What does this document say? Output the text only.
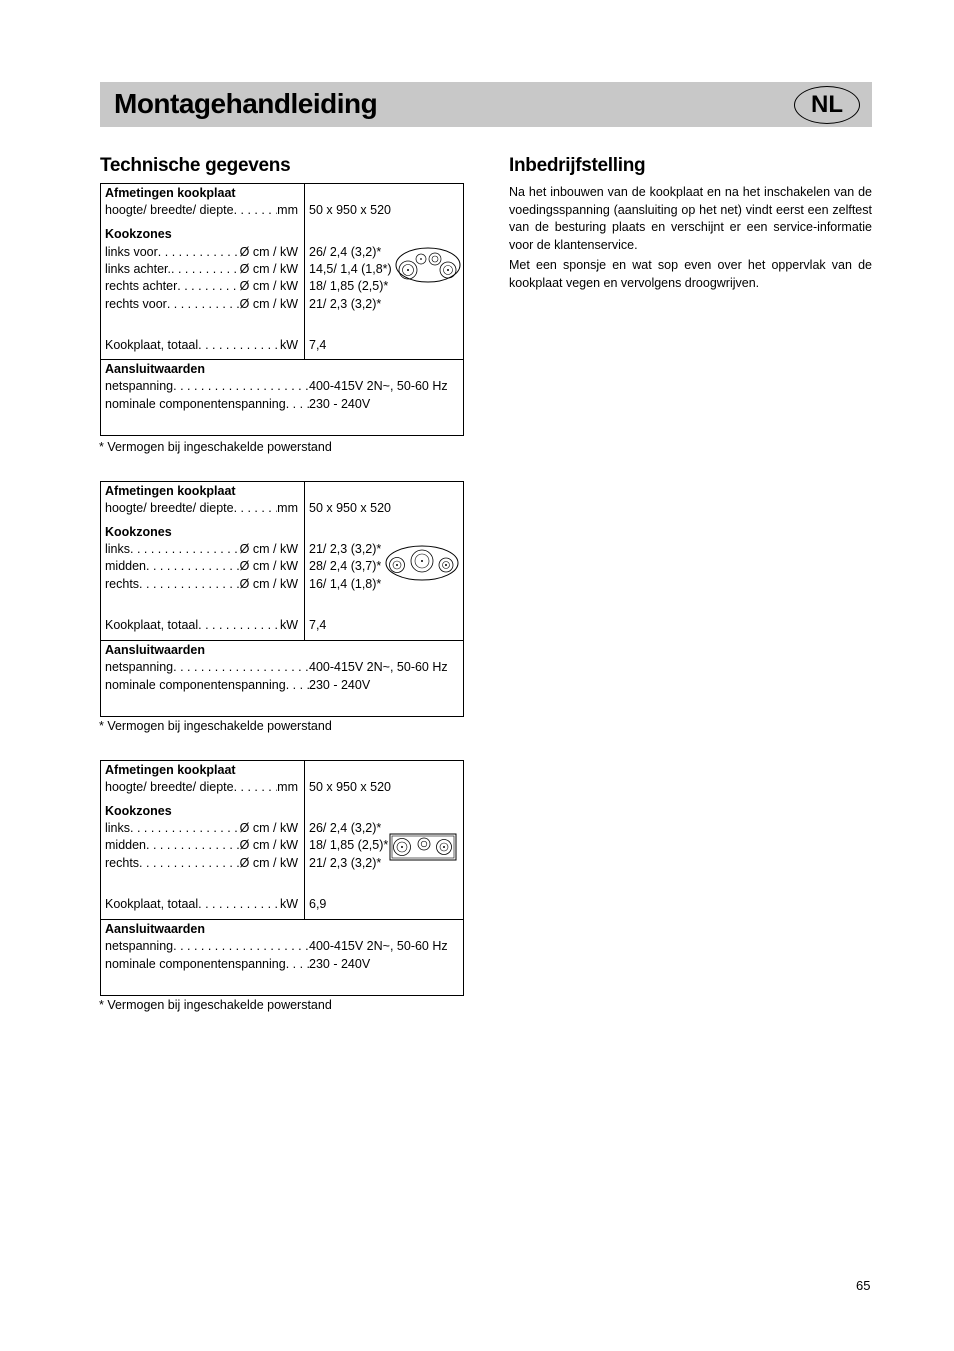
Montagehandleiding	NL
Technische gegevens	Inbedrijfstelling

Na het inbouwen van de kookplaat en na het inschakelen van de voedingsspanning (aansluiting op het net) vindt eerst een zelftest van de besturing plaats en verschijnt er een service-informatie voor de klantenservice.

Met een sponsje en wat sop even over het oppervlak van de kookplaat vegen en vervolgens droogwrijven.

Afmetingen kookplaat
hoogte/ breedte/ diepte . . .	mm 50 x 950 x 520
Kookzones
links voor . . .	Ø cm / kW 26/ 2,4 (3,2)*
links achter. . . .	Ø cm / kW 14,5/ 1,4 (1,8*)
rechts achter . . .	Ø cm / kW 18/ 1,85 (2,5)*
rechts voor . . .	Ø cm / kW 21/ 2,3 (3,2)*
Kookplaat, totaal . . .	kW 7,4
Aansluitwaarden
netspanning . . .	400-415V 2N~, 50-60 Hz
nominale componentenspanning . . . 230 - 240V
* Vermogen bij ingeschakelde powerstand
Afmetingen kookplaat
hoogte/ breedte/ diepte . . .	mm 50 x 950 x 520
Kookzones
links . . .	Ø cm / kW 21/ 2,3 (3,2)*
midden . . .	Ø cm / kW 28/ 2,4 (3,7)*
rechts . . .	Ø cm / kW 16/ 1,4 (1,8)*
Kookplaat, totaal . . .	kW 7,4
Aansluitwaarden
netspanning . . .	400-415V 2N~, 50-60 Hz
nominale componentenspanning . . . 230 - 240V
* Vermogen bij ingeschakelde powerstand
Afmetingen kookplaat
hoogte/ breedte/ diepte . . .	mm 50 x 950 x 520
Kookzones
links . . .	Ø cm / kW 26/ 2,4 (3,2)*
midden . . .	Ø cm / kW 18/ 1,85 (2,5)*
rechts . . .	Ø cm / kW 21/ 2,3 (3,2)*
Kookplaat, totaal . . .	kW 6,9
Aansluitwaarden
netspanning . . .	400-415V 2N~, 50-60 Hz
nominale componentenspanning . . . 230 - 240V
* Vermogen bij ingeschakelde powerstand
65
